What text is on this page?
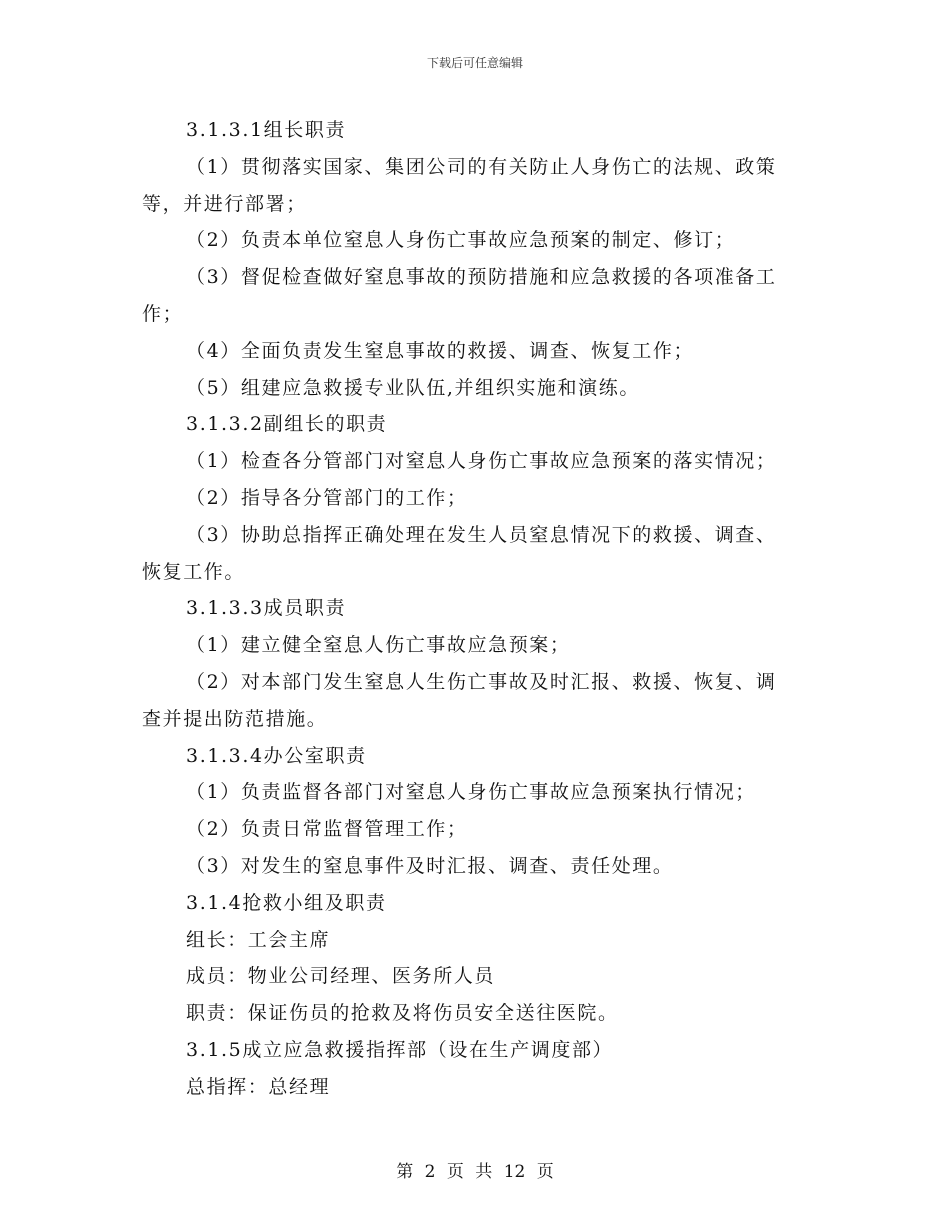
下载后可任意编辑
3.1.3.1组长职责
（1）贯彻落实国家、集团公司的有关防止人身伤亡的法规、政策
等，并进行部署；
（2）负责本单位窒息人身伤亡事故应急预案的制定、修订；
（3）督促检查做好窒息事故的预防措施和应急救援的各项准备工
作；
（4）全面负责发生窒息事故的救援、调查、恢复工作；
（5）组建应急救援专业队伍,并组织实施和演练。
3.1.3.2副组长的职责
（1）检查各分管部门对窒息人身伤亡事故应急预案的落实情况；
（2）指导各分管部门的工作；
（3）协助总指挥正确处理在发生人员窒息情况下的救援、调查、
恢复工作。
3.1.3.3成员职责
（1）建立健全窒息人伤亡事故应急预案；
（2）对本部门发生窒息人生伤亡事故及时汇报、救援、恢复、调
查并提出防范措施。
3.1.3.4办公室职责
（1）负责监督各部门对窒息人身伤亡事故应急预案执行情况；
（2）负责日常监督管理工作；
（3）对发生的窒息事件及时汇报、调查、责任处理。
3.1.4抢救小组及职责
组长：工会主席
成员：物业公司经理、医务所人员
职责：保证伤员的抢救及将伤员安全送往医院。
3.1.5成立应急救援指挥部（设在生产调度部）
总指挥：总经理
第 2 页 共 12 页
